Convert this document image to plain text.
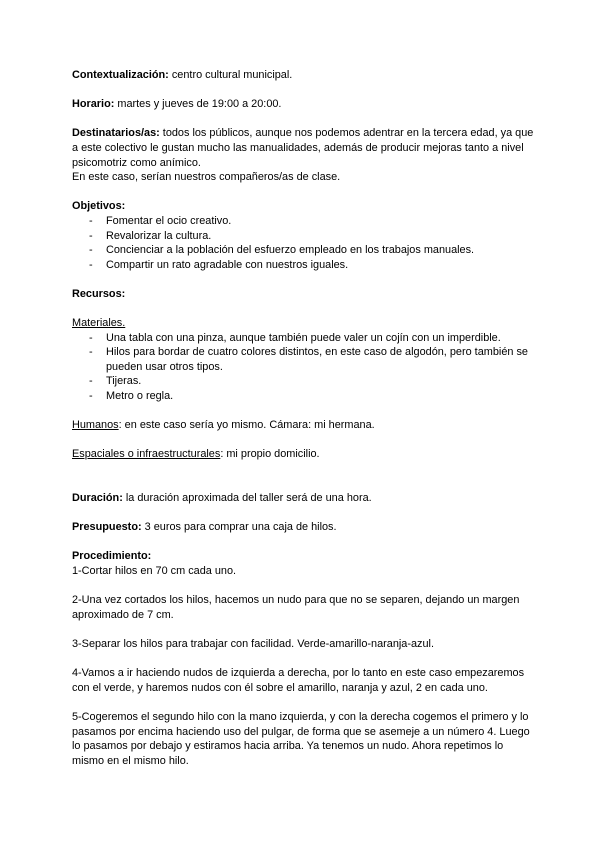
Contextualización: centro cultural municipal.

Horario: martes y jueves de 19:00 a 20:00.

Destinatarios/as: todos los públicos, aunque nos podemos adentrar en la tercera edad, ya que a este colectivo le gustan mucho las manualidades, además de producir mejoras tanto a nivel psicomotriz como anímico.

En este caso, serían nuestros compañeros/as de clase.

Objetivos:

- Fomentar el ocio creativo.
- Revalorizar la cultura.
- Concienciar a la población del esfuerzo empleado en los trabajos manuales.
- Compartir un rato agradable con nuestros iguales.

Recursos:

Materiales.

- Una tabla con una pinza, aunque también puede valer un cojín con un imperdible.
- Hilos para bordar de cuatro colores distintos, en este caso de algodón, pero también se pueden usar otros tipos.
- Tijeras.
- Metro o regla.

Humanos: en este caso sería yo mismo. Cámara: mi hermana.

Espaciales o infraestructurales: mi propio domicilio.

Duración: la duración aproximada del taller será de una hora.

Presupuesto: 3 euros para comprar una caja de hilos.

Procedimiento:

1-Cortar hilos en 70 cm cada uno.

2-Una vez cortados los hilos, hacemos un nudo para que no se separen, dejando un margen aproximado de 7 cm.

3-Separar los hilos para trabajar con facilidad. Verde-amarillo-naranja-azul.

4-Vamos a ir haciendo nudos de izquierda a derecha, por lo tanto en este caso empezaremos con el verde, y haremos nudos con él sobre el amarillo, naranja y azul, 2 en cada uno.

5-Cogeremos el segundo hilo con la mano izquierda, y con la derecha cogemos el primero y lo pasamos por encima haciendo uso del pulgar, de forma que se asemeje a un número 4. Luego lo pasamos por debajo y estiramos hacia arriba. Ya tenemos un nudo. Ahora repetimos lo mismo en el mismo hilo.
